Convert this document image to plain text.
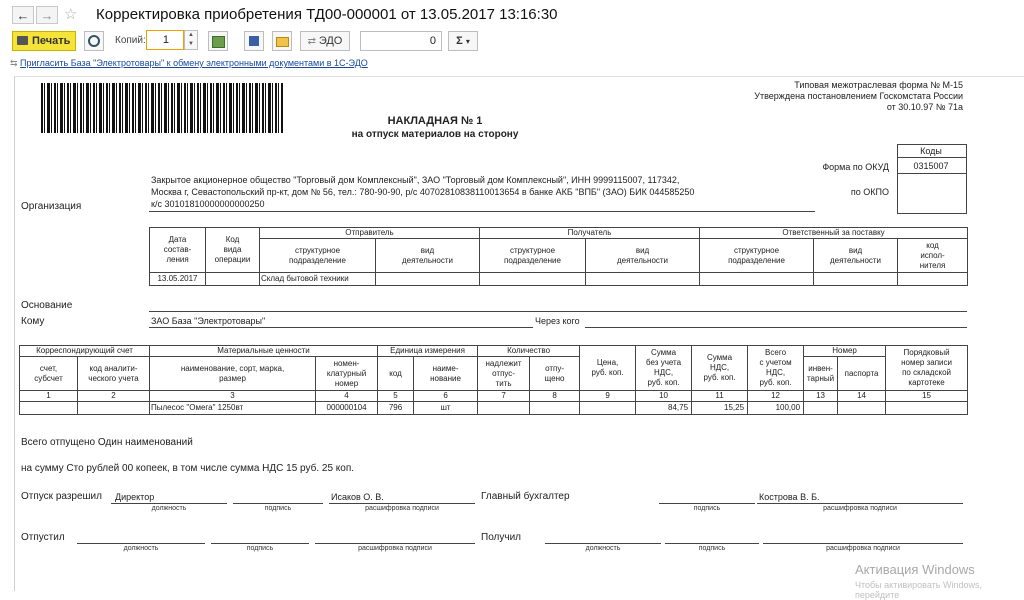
← → ☆ Корректировка приобретения ТД00-000001 от 13.05.2017 13:16:30
Печать	Копий:	1	▲
▼	⇄ ЭДО	0	Σ ▾
⇆ Пригласить База "Электротовары" к обмену электронными документами в 1С-ЭДО
Типовая межотраслевая форма № М-15
Утверждена постановлением Госкомстата России
от 30.10.97 № 71а
НАКЛАДНАЯ № 1
на отпуск материалов на сторону
Коды
0315007
Форма по ОКУД
по ОКПО
Организация
Закрытое акционерное общество "Торговый дом Комплексный", ЗАО "Торговый дом Комплексный", ИНН 9999115007, 117342,
Москва г, Севастопольский пр-кт, дом № 56, тел.: 780-90-90, р/с 40702810838110013654 в банке АКБ "ВПБ" (ЗАО) БИК 044585250
к/с 30101810000000000250
Дата
состав-
ления	Код
вида
операции	Отправитель		Получатель		Ответственный за поставку		
		структурное
подразделение	вид
деятельности	структурное
подразделение	вид
деятельности	структурное
подразделение	вид
деятельности	код
испол-
нителя
13.05.2017		Склад бытовой техники						
Основание
Кому	ЗАО База "Электротовары"	Через кого
Корреспондирующий счет		Материальные ценности		Единица измерения		Количество		Цена,
руб. коп.	Сумма
без учета
НДС,
руб. коп.	Сумма
НДС,
руб. коп.	Всего
с учетом
НДС,
руб. коп.	Номер		Порядковый
номер записи
по складской
картотеке
счет,
субсчет	код аналити-
ческого учета	наименование, сорт, марка,
размер	номен-
клатурный
номер	код	наиме-
нование	надлежит
отпус-
тить	отпу-
щено					инвен-
тарный	паспорта	
1	2	3	4	5	6	7	8	9	10	11	12	13	14	15
		Пылесос "Омега" 1250вт	000000104	796	шт				84,75	15,25	100,00			
Всего отпущено Один наименований
на сумму Сто рублей 00 копеек, в том числе сумма НДС 15 руб. 25 коп.
Отпуск разрешил Директор	Исаков О. В.
должность	подпись	расшифровка подписи
Главный бухгалтер	Кострова В. Б.
подпись	расшифровка подписи
Отпустил
должность	подпись	расшифровка подписи
Получил
должность	подпись	расшифровка подписи
Активация Windows
Чтобы активировать Windows, перейдите
